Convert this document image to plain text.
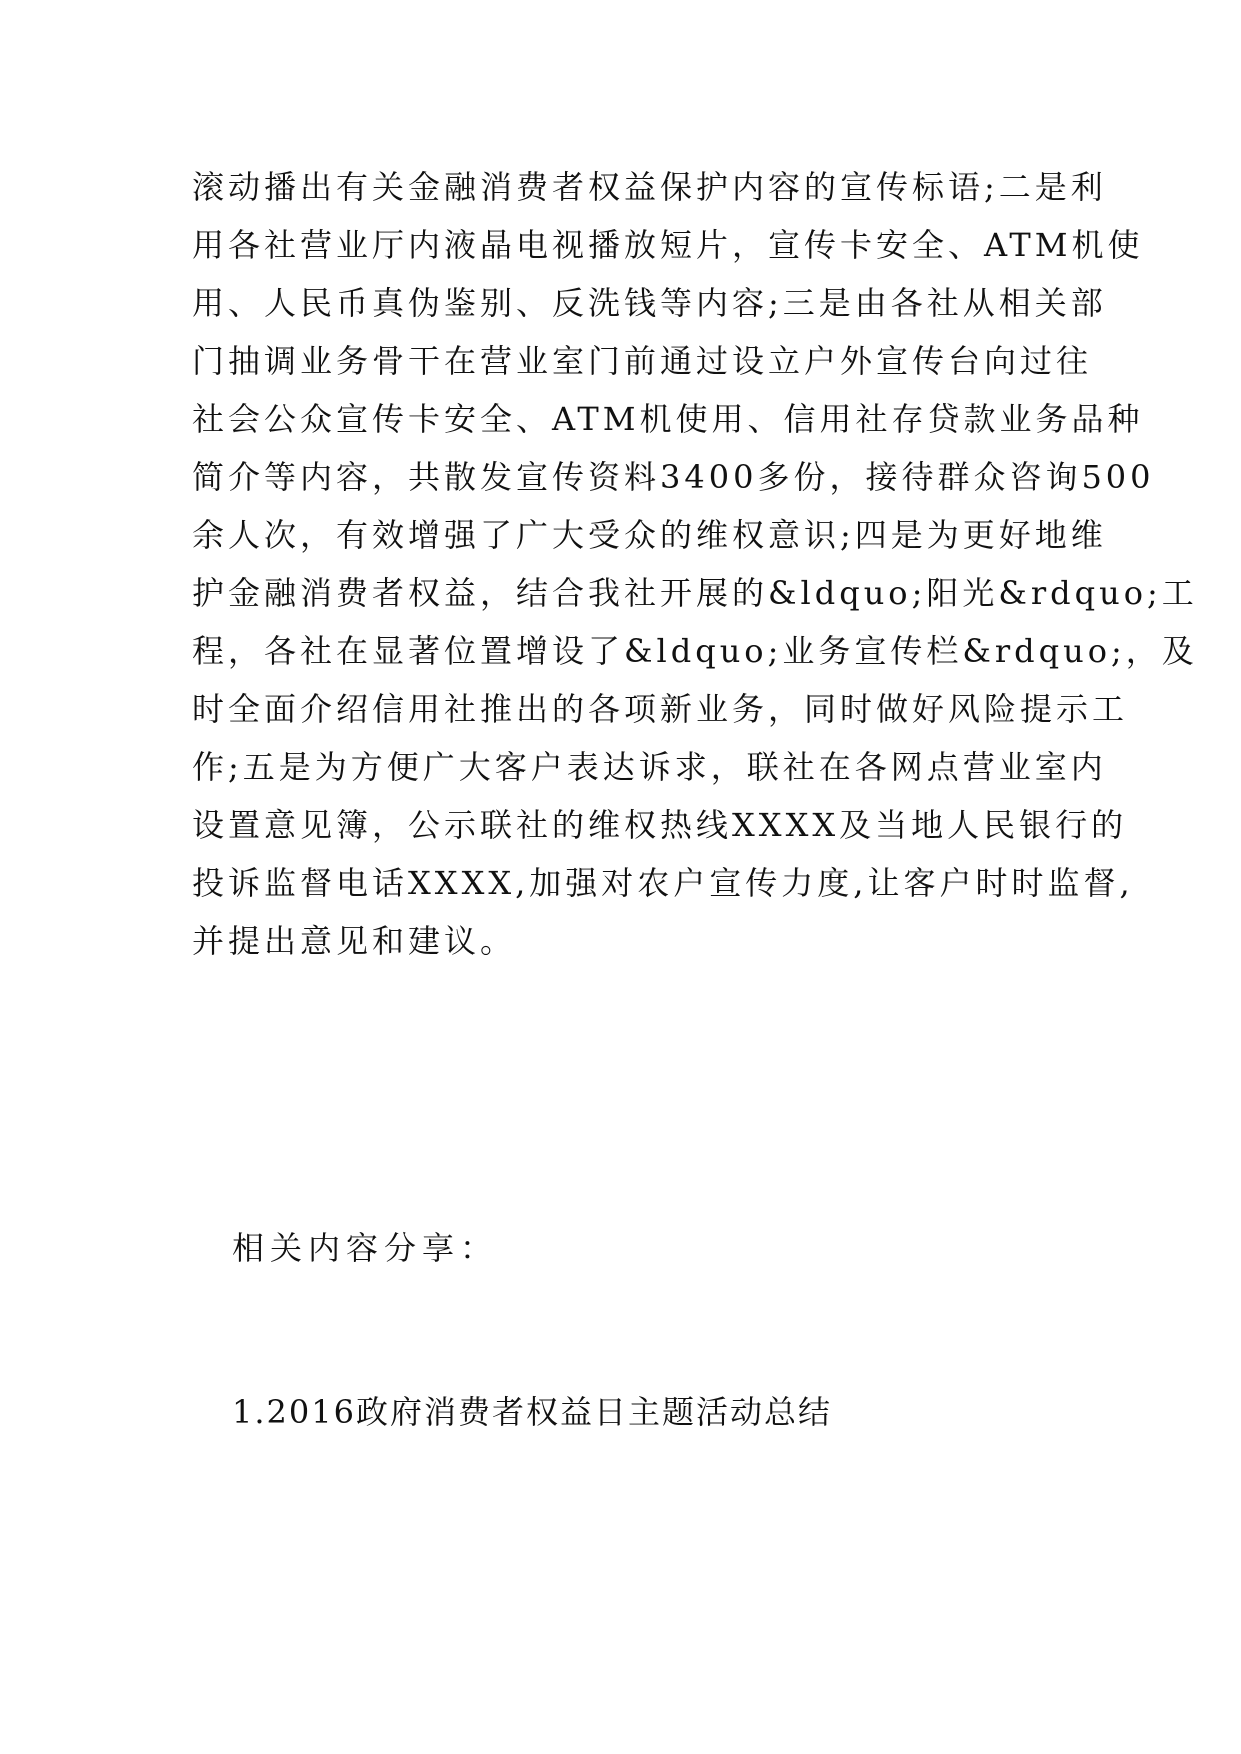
滚动播出有关金融消费者权益保护内容的宣传标语;二是利
用各社营业厅内液晶电视播放短片，宣传卡安全、ATM机使
用、人民币真伪鉴别、反洗钱等内容;三是由各社从相关部
门抽调业务骨干在营业室门前通过设立户外宣传台向过往
社会公众宣传卡安全、ATM机使用、信用社存贷款业务品种
简介等内容，共散发宣传资料3400多份，接待群众咨询500
余人次，有效增强了广大受众的维权意识;四是为更好地维
护金融消费者权益，结合我社开展的&ldquo;阳光&rdquo;工
程，各社在显著位置增设了&ldquo;业务宣传栏&rdquo;，及
时全面介绍信用社推出的各项新业务，同时做好风险提示工
作;五是为方便广大客户表达诉求，联社在各网点营业室内
设置意见簿，公示联社的维权热线XXXX及当地人民银行的
投诉监督电话XXXX,加强对农户宣传力度,让客户时时监督,
并提出意见和建议。
相关内容分享：
1.2016政府消费者权益日主题活动总结
